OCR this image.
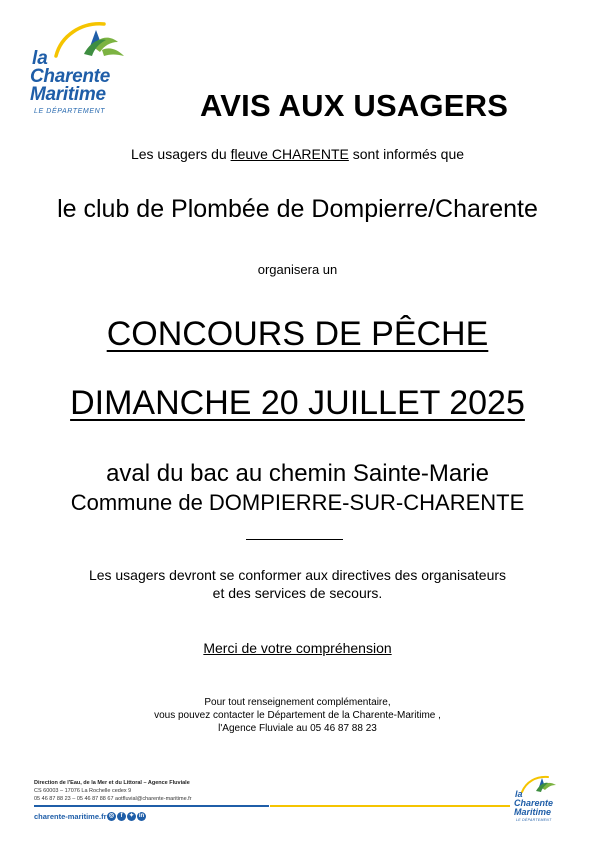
la
Charente
Maritime
LE DÉPARTEMENT	AVIS AUX USAGERS
Les usagers du fleuve CHARENTE sont informés que
le club de Plombée de Dompierre/Charente
organisera un
CONCOURS DE PÊCHE
DIMANCHE 20 JUILLET 2025
aval du bac au chemin Sainte-Marie
Commune de DOMPIERRE-SUR-CHARENTE
Les usagers devront se conformer aux directives des organisateurs
et des services de secours.
Merci de votre compréhension
Pour tout renseignement complémentaire,
vous pouvez contacter le Département de la Charente-Maritime ,
l'Agence Fluviale au 05 46 87 88 23
Direction de l'Eau, de la Mer et du Littoral – Agence Fluviale
CS 60003 – 17076 La Rochelle cedex 9
05 46 87 88 23 – 05 46 87 88 67 aotfluvial@charente-maritime.fr
charente-maritime.fr ◎	f	✦ in
la
Charente
Maritime
LE DÉPARTEMENT
